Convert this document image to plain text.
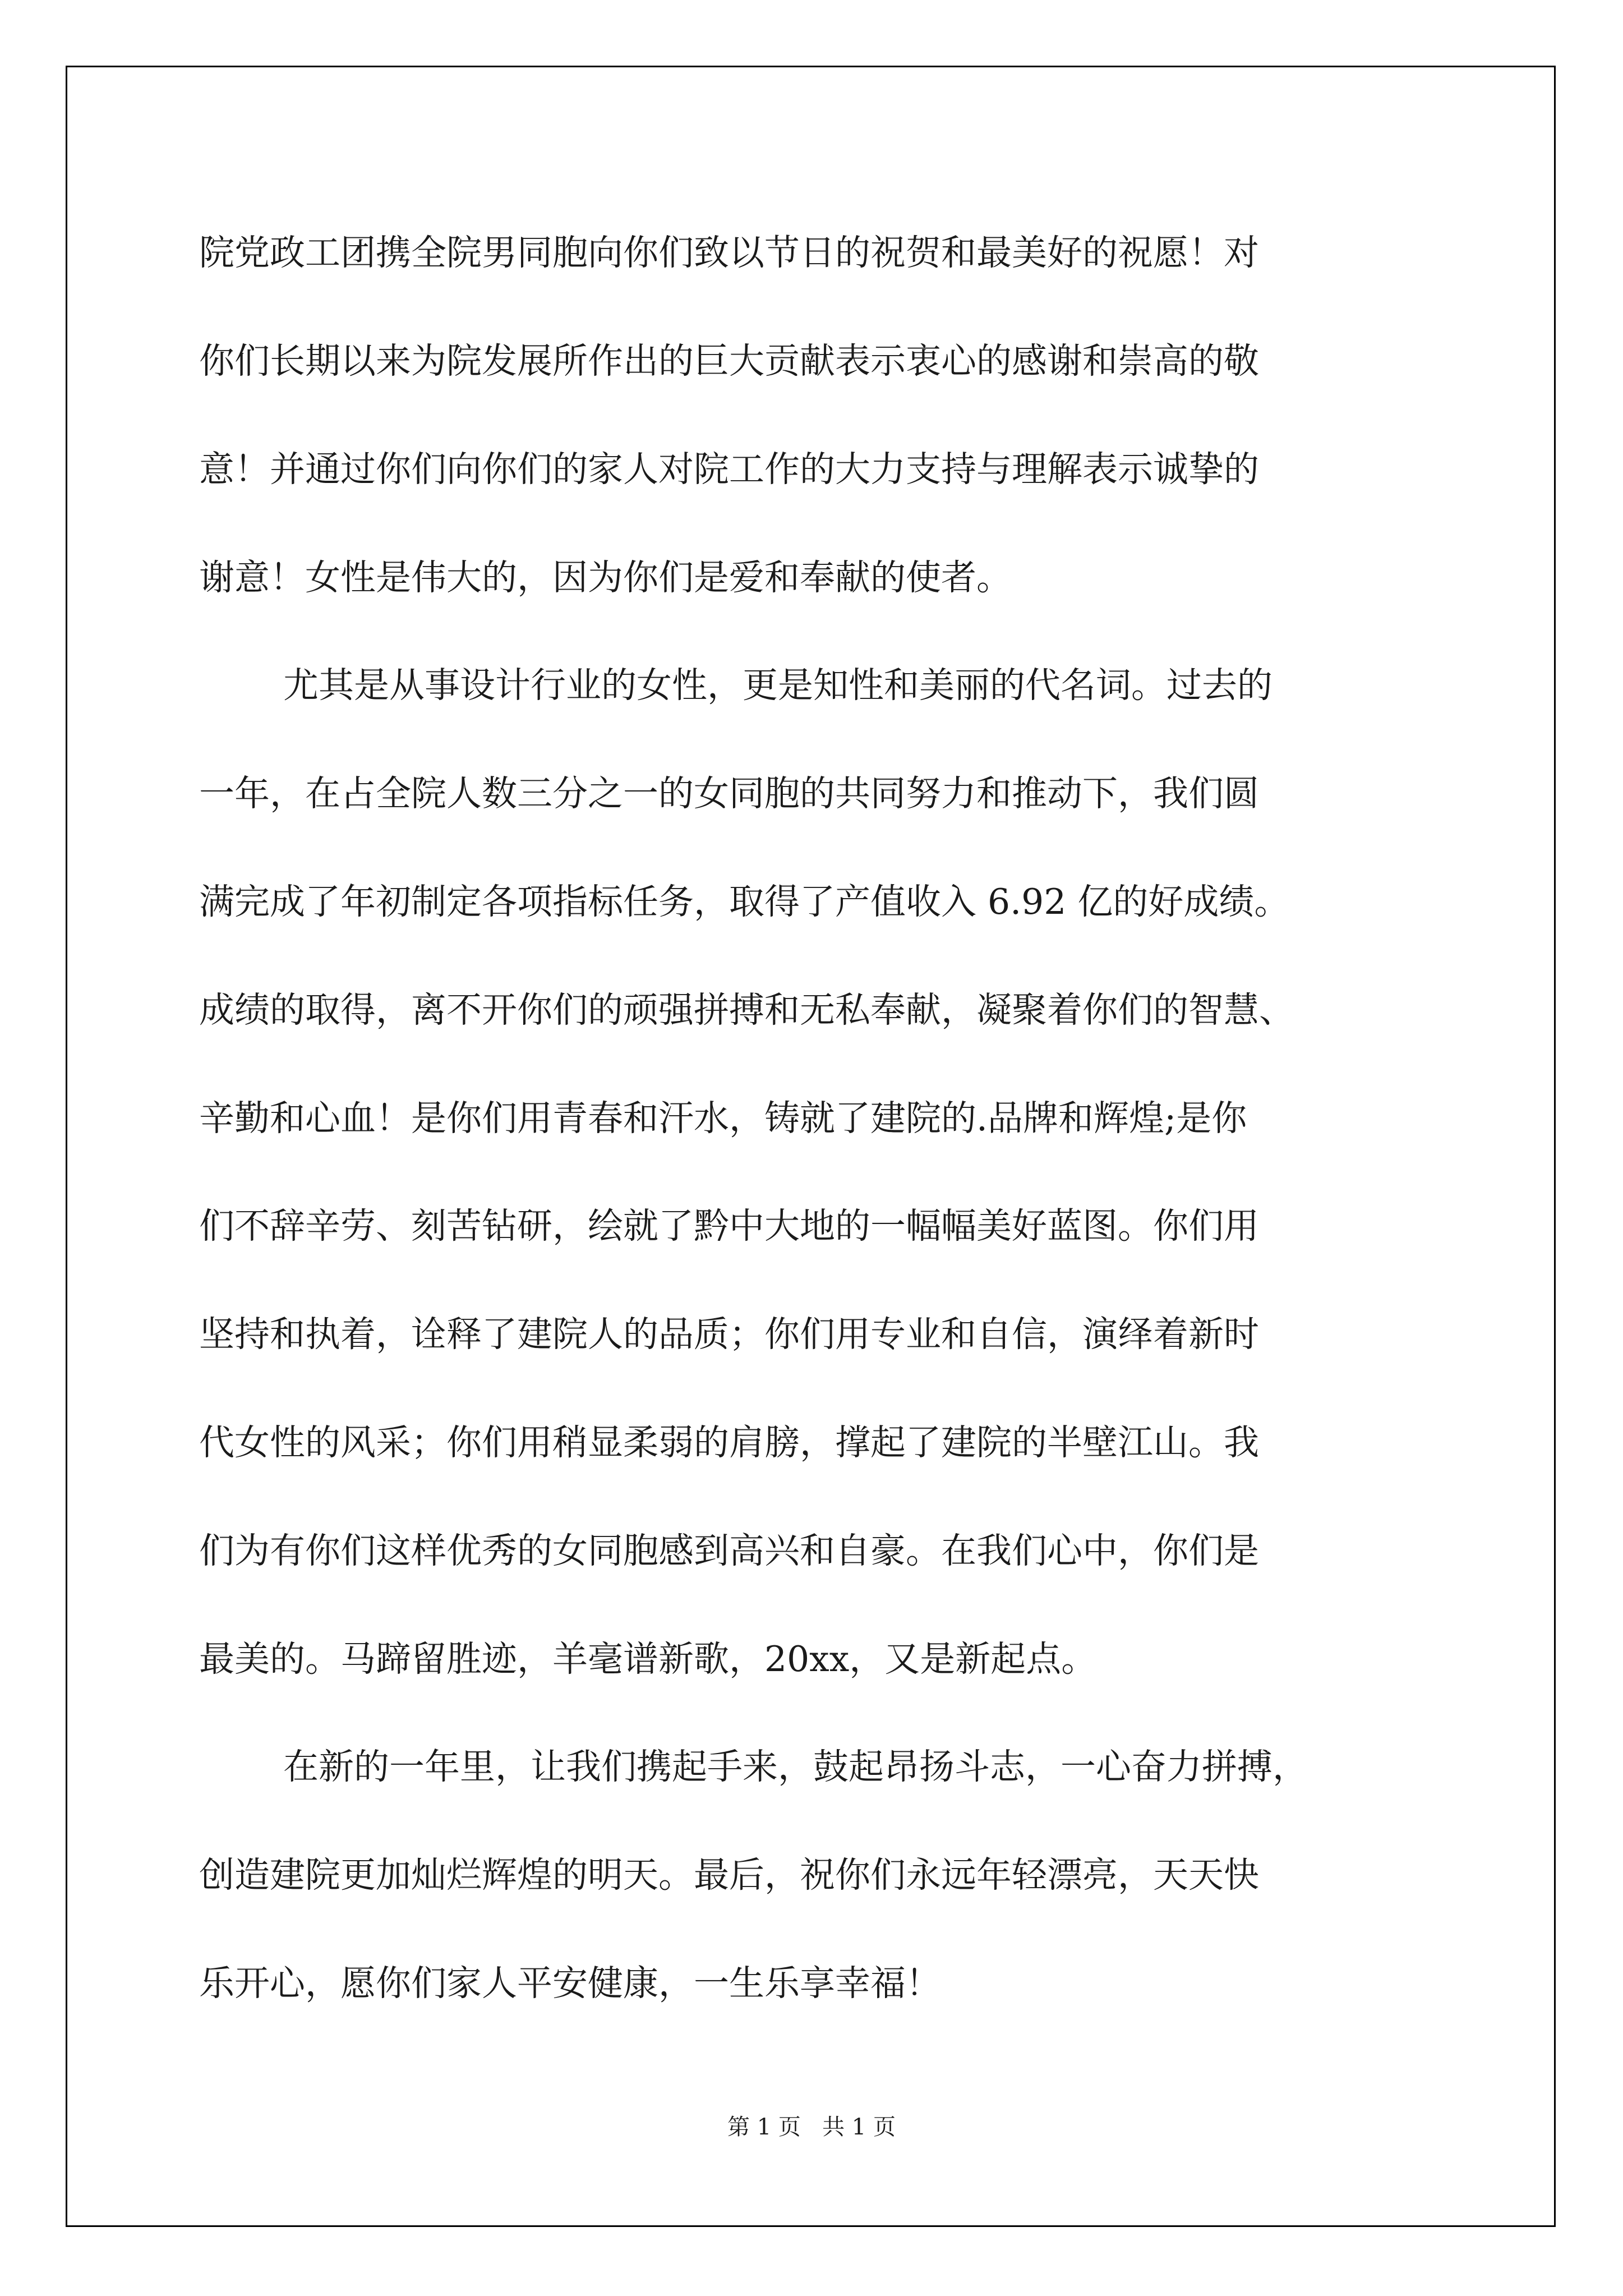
院党政工团携全院男同胞向你们致以节日的祝贺和最美好的祝愿！对

你们长期以来为院发展所作出的巨大贡献表示衷心的感谢和崇高的敬

意！并通过你们向你们的家人对院工作的大力支持与理解表示诚挚的

谢意！女性是伟大的，因为你们是爱和奉献的使者。

尤其是从事设计行业的女性，更是知性和美丽的代名词。过去的

一年，在占全院人数三分之一的女同胞的共同努力和推动下，我们圆

满完成了年初制定各项指标任务，取得了产值收入 6.92 亿的好成绩。

成绩的取得，离不开你们的顽强拼搏和无私奉献，凝聚着你们的智慧、

辛勤和心血！是你们用青春和汗水，铸就了建院的.品牌和辉煌;是你

们不辞辛劳、刻苦钻研，绘就了黔中大地的一幅幅美好蓝图。你们用

坚持和执着，诠释了建院人的品质；你们用专业和自信，演绎着新时

代女性的风采；你们用稍显柔弱的肩膀，撑起了建院的半壁江山。我

们为有你们这样优秀的女同胞感到高兴和自豪。在我们心中，你们是

最美的。马蹄留胜迹，羊毫谱新歌，20xx，又是新起点。

在新的一年里，让我们携起手来，鼓起昂扬斗志，一心奋力拼搏，

创造建院更加灿烂辉煌的明天。最后，祝你们永远年轻漂亮，天天快

乐开心，愿你们家人平安健康，一生乐享幸福！

第 1 页   共 1 页
